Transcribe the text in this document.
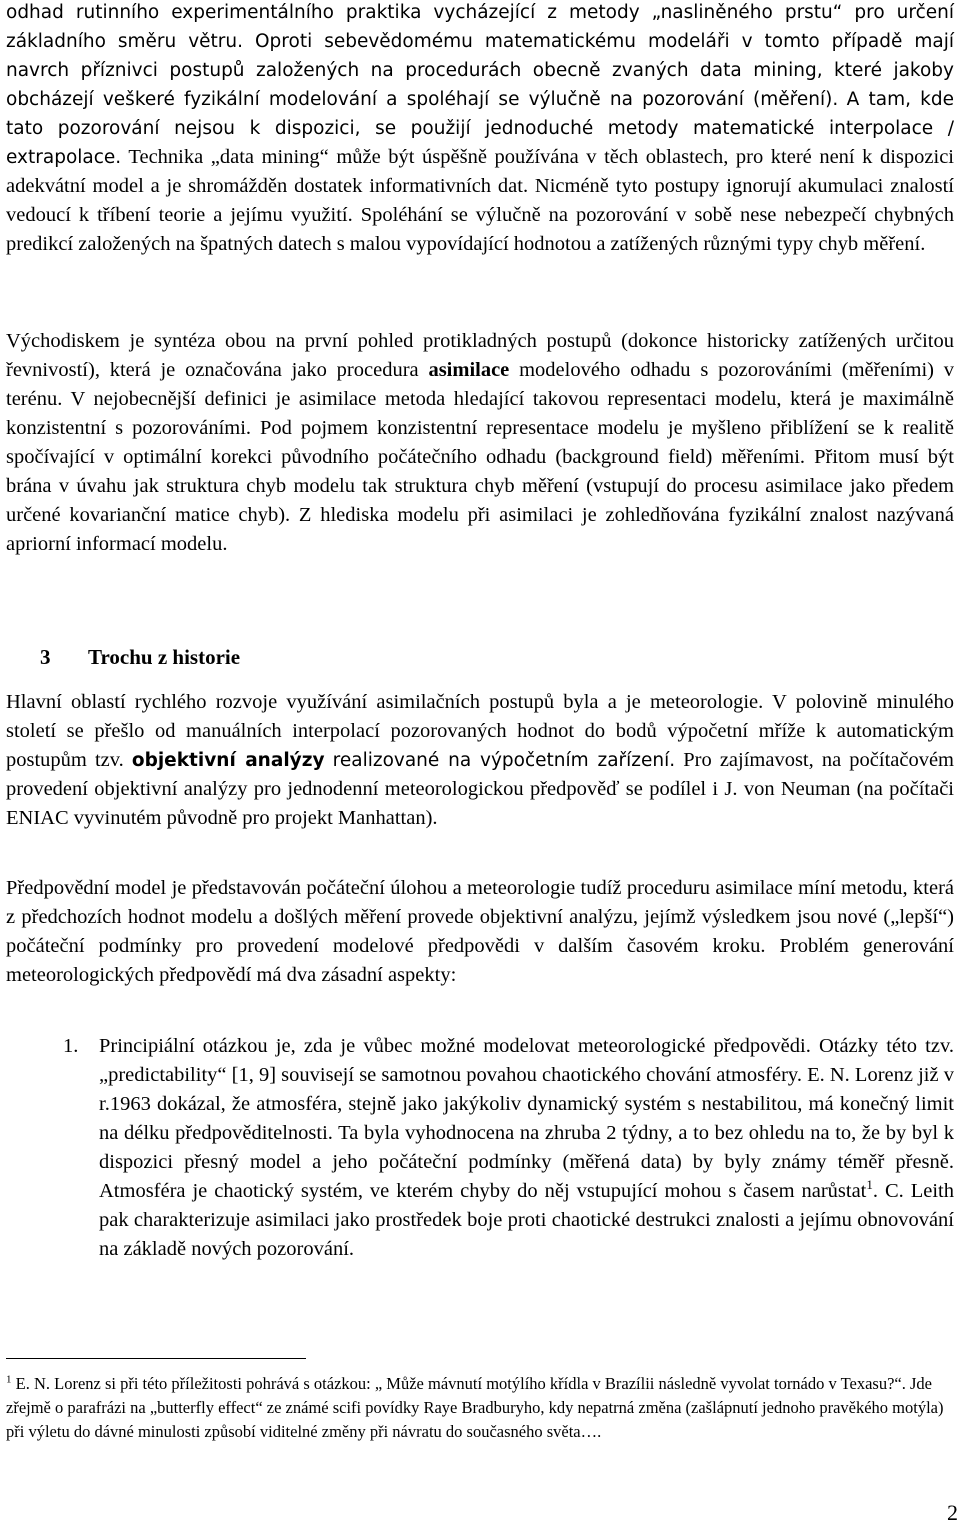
odhad rutinního experimentálního praktika vycházející z metody „nasliněného prstu“ pro určení základního směru větru. Oproti sebevědomému matematickému modeláři v tomto případě mají navrch příznivci postupů založených na procedurách obecně zvaných data mining, které jakoby obcházejí veškeré fyzikální modelování a spoléhají se výlučně na pozorování (měření). A tam, kde tato pozorování nejsou k dispozici, se použijí jednoduché metody matematické interpolace / extrapolace. Technika „data mining“ může být úspěšně používána v těch oblastech, pro které není k dispozici adekvátní model a je shromážděn dostatek informativních dat. Nicméně tyto postupy ignorují akumulaci znalostí vedoucí k tříbení teorie a jejímu využití. Spoléhání se výlučně na pozorování v sobě nese nebezpečí chybných predikcí založených na špatných datech s malou vypovídající hodnotou a zatížených různými typy chyb měření.

Východiskem je syntéza obou na první pohled protikladných postupů (dokonce historicky zatížených určitou řevnivostí), která je označována jako procedura asimilace modelového odhadu s pozorováními (měřeními) v terénu. V nejobecnější definici je asimilace metoda hledající takovou representaci modelu, která je maximálně konzistentní s pozorováními. Pod pojmem konzistentní representace modelu je myšleno přiblížení se k realitě spočívající v optimální korekci původního počátečního odhadu (background field) měřeními. Přitom musí být brána v úvahu jak struktura chyb modelu tak struktura chyb měření (vstupují do procesu asimilace jako předem určené kovarianční matice chyb). Z hlediska modelu při asimilaci je zohledňována fyzikální znalost nazývaná apriorní informací modelu.

3 Trochu z historie

Hlavní oblastí rychlého rozvoje využívání asimilačních postupů byla a je meteorologie. V polovině minulého století se přešlo od manuálních interpolací pozorovaných hodnot do bodů výpočetní mříže k automatickým postupům tzv. objektivní analýzy realizované na výpočetním zařízení. Pro zajímavost, na počítačovém provedení objektivní analýzy pro jednodenní meteorologickou předpověď se podílel i J. von Neuman (na počítači ENIAC vyvinutém původně pro projekt Manhattan).

Předpovědní model je představován počáteční úlohou a meteorologie tudíž proceduru asimilace míní metodu, která z předchozích hodnot modelu a došlých měření provede objektivní analýzu, jejímž výsledkem jsou nové („lepší“) počáteční podmínky pro provedení modelové předpovědi v dalším časovém kroku. Problém generování meteorologických předpovědí má dva zásadní aspekty:

1. Principiální otázkou je, zda je vůbec možné modelovat meteorologické předpovědi. Otázky této tzv. „predictability“ [1, 9] souvisejí se samotnou povahou chaotického chování atmosféry. E. N. Lorenz již v r.1963 dokázal, že atmosféra, stejně jako jakýkoliv dynamický systém s nestabilitou, má konečný limit na délku předpověditelnosti. Ta byla vyhodnocena na zhruba 2 týdny, a to bez ohledu na to, že by byl k dispozici přesný model a jeho počáteční podmínky (měřená data) by byly známy téměř přesně. Atmosféra je chaotický systém, ve kterém chyby do něj vstupující mohou s časem narůstat$^1$. C. Leith pak charakterizuje asimilaci jako prostředek boje proti chaotické destrukci znalosti a jejímu obnovování na základě nových pozorování.

$^1$ E. N. Lorenz si při této příležitosti pohrává s otázkou: „ Může mávnutí motýlího křídla v Brazílii následně vyvolat tornádo v Texasu?“. Jde zřejmě o parafrázi na „butterfly effect“ ze známé scifi povídky Raye Bradburyho, kdy nepatrná změna (zašlápnutí jednoho pravěkého motýla) při výletu do dávné minulosti způsobí viditelné změny při návratu do současného světa….

2
